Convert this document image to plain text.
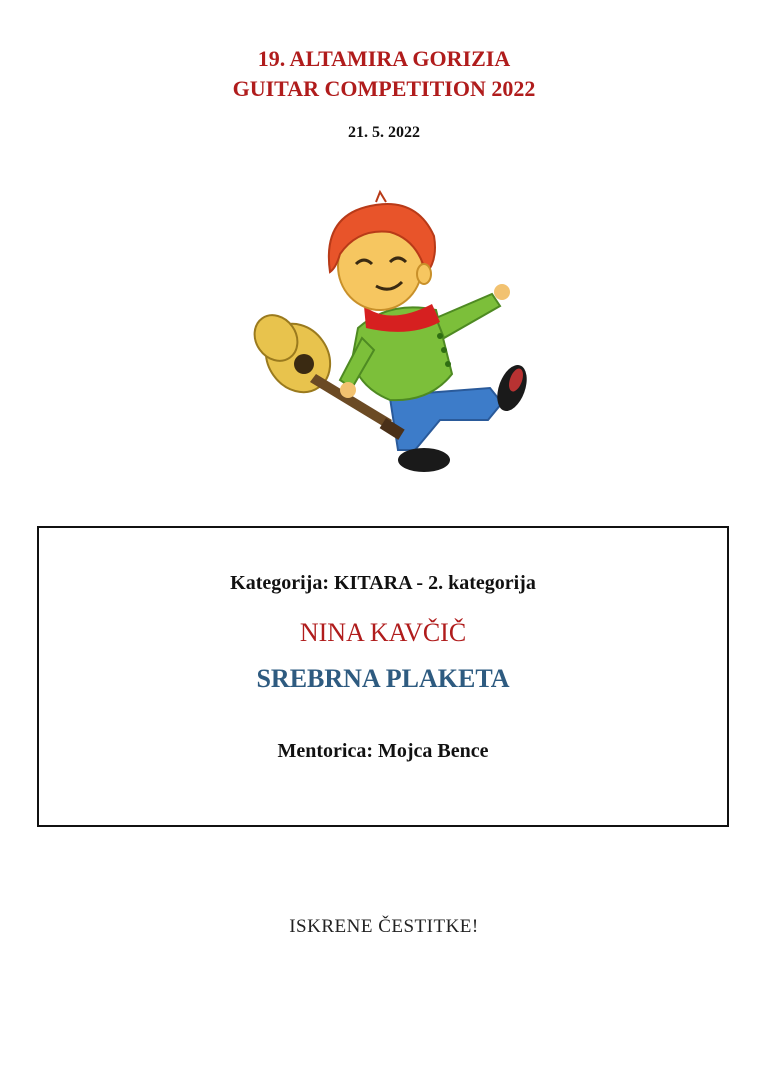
19. ALTAMIRA GORIZIA
GUITAR COMPETITION 2022
21. 5. 2022
Kategorija: KITARA - 2. kategorija
NINA KAVČIČ
SREBRNA PLAKETA
Mentorica: Mojca Bence
ISKRENE ČESTITKE!
